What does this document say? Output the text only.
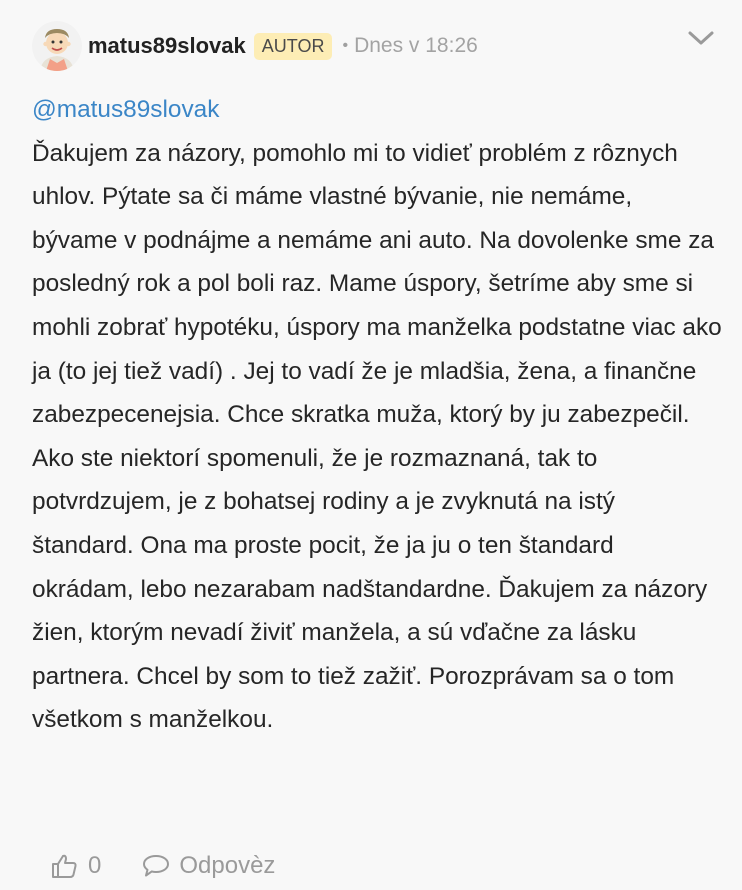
matus89slovak AUTOR	• Dnes v 18:26
@matus89slovak
Ďakujem za názory, pomohlo mi to vidieť problém z rôznych uhlov. Pýtate sa či máme vlastné bývanie, nie nemáme, bývame v podnájme a nemáme ani auto. Na dovolenke sme za posledný rok a pol boli raz. Mame úspory, šetríme aby sme si mohli zobrať hypotéku, úspory ma manželka podstatne viac ako ja (to jej tiež vadí) . Jej to vadí že je mladšia, žena, a finančne zabezpecenejsia. Chce skratka muža, ktorý by ju zabezpečil.
Ako ste niektorí spomenuli, že je rozmaznaná, tak to potvrdzujem, je z bohatsej rodiny a je zvyknutá na istý štandard. Ona ma proste pocit, že ja ju o ten štandard okrádam, lebo nezarabam nadštandardne. Ďakujem za názory žien, ktorým nevadí živiť manžela, a sú vďačne za lásku partnera. Chcel by som to tiež zažiť. Porozprávam sa o tom všetkom s manželkou.
0	Odpovèz
